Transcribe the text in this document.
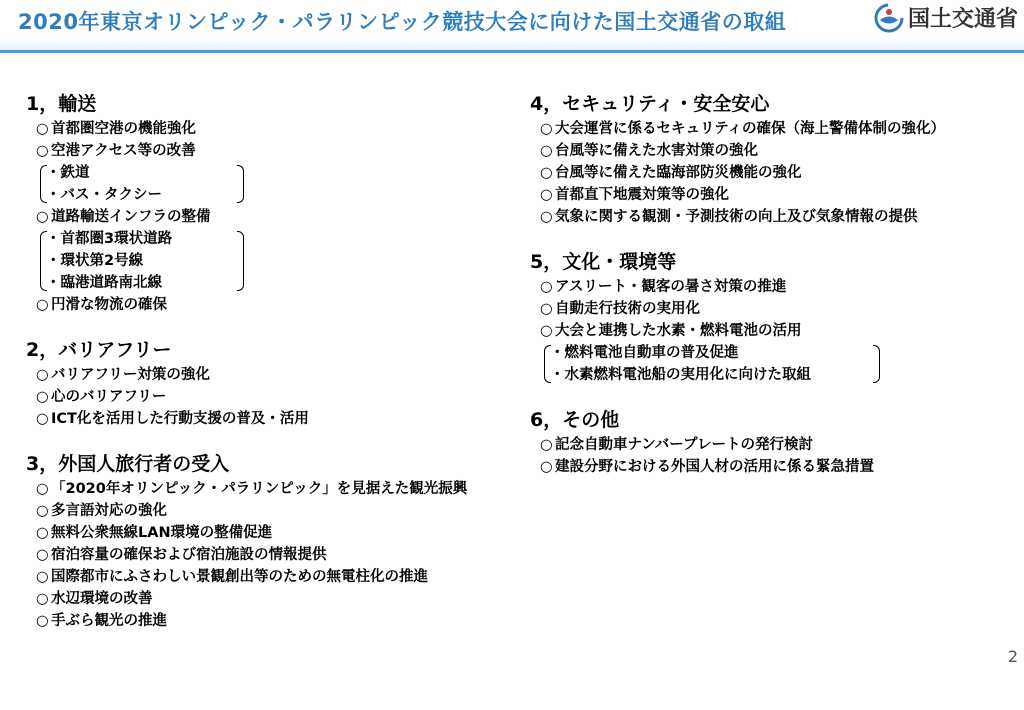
2020年東京オリンピック・パラリンピック競技大会に向けた国土交通省の取組	国土交通省
1，輸送
○ 首都圏空港の機能強化
○ 空港アクセス等の改善
・鉄道
・バス・タクシー
○ 道路輸送インフラの整備
・首都圏3環状道路
・環状第2号線
・臨港道路南北線
○ 円滑な物流の確保
2，バリアフリー
○ バリアフリー対策の強化
○ 心のバリアフリー
○ ICT化を活用した行動支援の普及・活用
3，外国人旅行者の受入
○ 「2020年オリンピック・パラリンピック」を見据えた観光振興
○ 多言語対応の強化
○ 無料公衆無線LAN環境の整備促進
○ 宿泊容量の確保および宿泊施設の情報提供
○ 国際都市にふさわしい景観創出等のための無電柱化の推進
○ 水辺環境の改善
○ 手ぶら観光の推進
4，セキュリティ・安全安心
○ 大会運営に係るセキュリティの確保（海上警備体制の強化）
○ 台風等に備えた水害対策の強化
○ 台風等に備えた臨海部防災機能の強化
○ 首都直下地震対策等の強化
○ 気象に関する観測・予測技術の向上及び気象情報の提供
5，文化・環境等
○ アスリート・観客の暑さ対策の推進
○ 自動走行技術の実用化
○ 大会と連携した水素・燃料電池の活用
・燃料電池自動車の普及促進
・水素燃料電池船の実用化に向けた取組
6，その他
○ 記念自動車ナンバープレートの発行検討
○ 建設分野における外国人材の活用に係る緊急措置
2
